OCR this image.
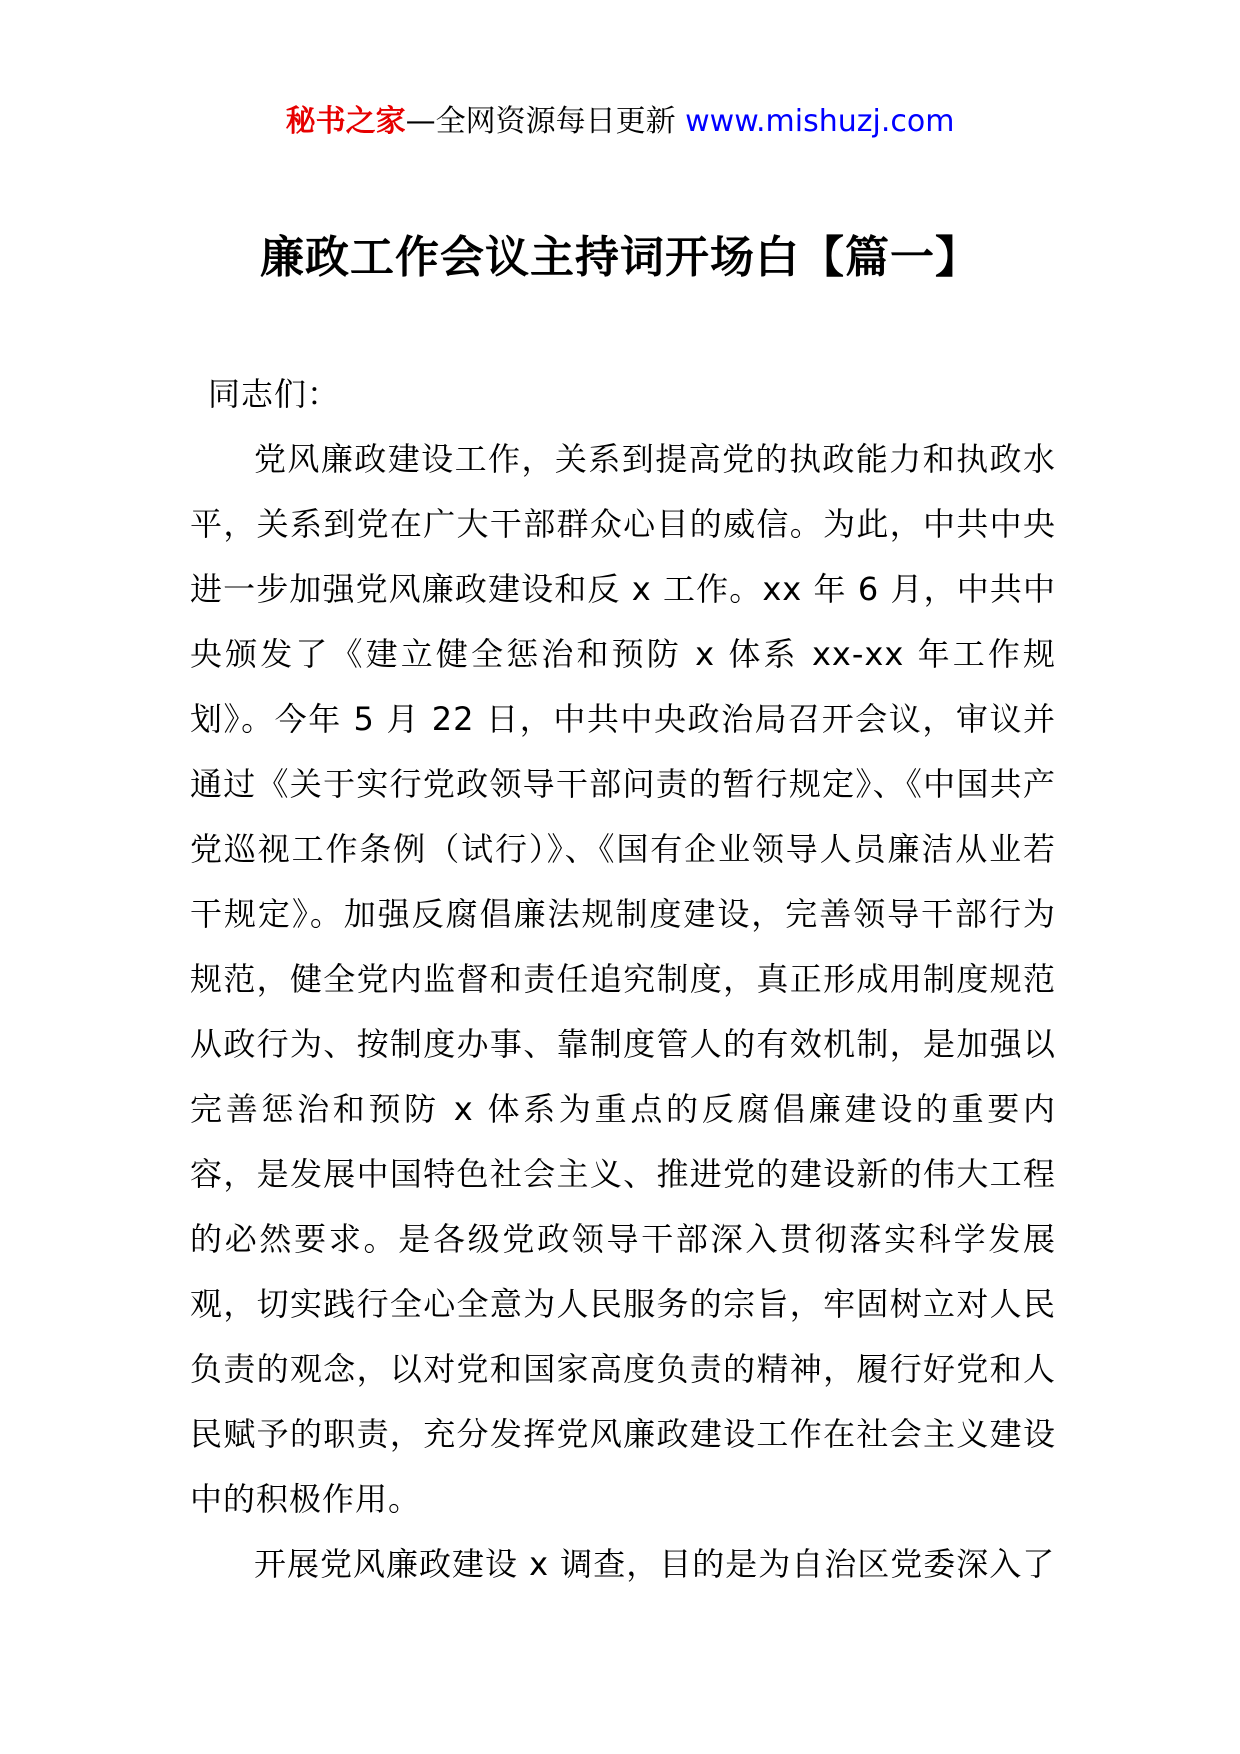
秘书之家—全网资源每日更新 www.mishuzj.com
廉政工作会议主持词开场白【篇一】

同志们：

党风廉政建设工作，关系到提高党的执政能力和执政水平，关系到党在广大干部群众心目的威信。为此，中共中央进一步加强党风廉政建设和反 x 工作。xx 年 6 月，中共中央颁发了《建立健全惩治和预防 x 体系 xx-xx 年工作规划》。今年 5 月 22 日，中共中央政治局召开会议，审议并通过《关于实行党政领导干部问责的暂行规定》、《中国共产党巡视工作条例（试行）》、《国有企业领导人员廉洁从业若干规定》。加强反腐倡廉法规制度建设，完善领导干部行为规范，健全党内监督和责任追究制度，真正形成用制度规范从政行为、按制度办事、靠制度管人的有效机制，是加强以完善惩治和预防 x 体系为重点的反腐倡廉建设的重要内容，是发展中国特色社会主义、推进党的建设新的伟大工程的必然要求。是各级党政领导干部深入贯彻落实科学发展观，切实践行全心全意为人民服务的宗旨，牢固树立对人民负责的观念，以对党和国家高度负责的精神，履行好党和人民赋予的职责，充分发挥党风廉政建设工作在社会主义建设中的积极作用。

开展党风廉政建设 x 调查，目的是为自治区党委深入了
